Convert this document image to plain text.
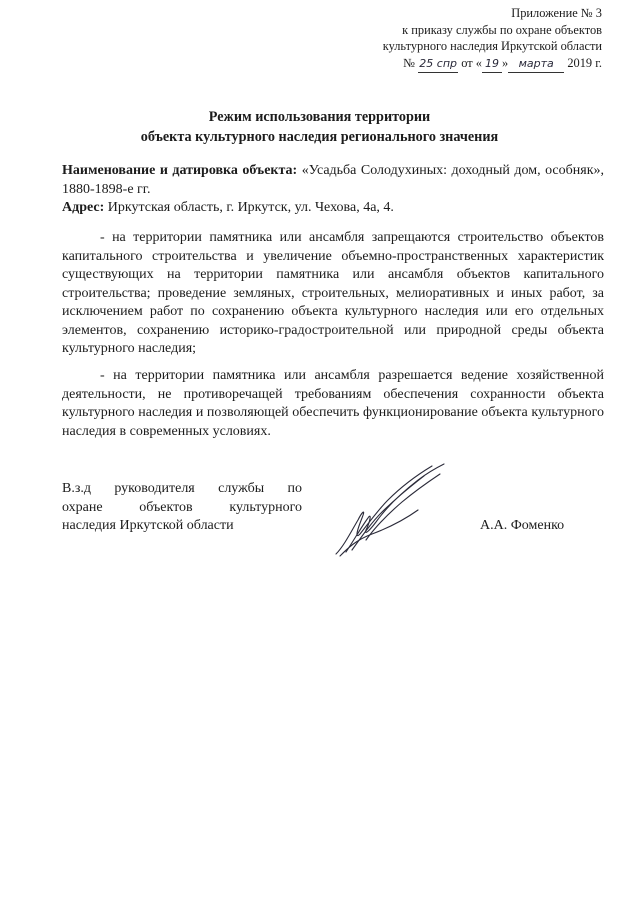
Приложение № 3
к приказу службы по охране объектов
культурного наследия Иркутской области
№ 25 спр от « 19 » марта 2019 г.
Режим использования территории
объекта культурного наследия регионального значения

Наименование и датировка объекта: «Усадьба Солодухиных: доходный дом, особняк», 1880-1898-е гг.

Адрес: Иркутская область, г. Иркутск, ул. Чехова, 4а, 4.

- на территории памятника или ансамбля запрещаются строительство объектов капитального строительства и увеличение объемно-пространственных характеристик существующих на территории памятника или ансамбля объектов капитального строительства; проведение земляных, строительных, мелиоративных и иных работ, за исключением работ по сохранению объекта культурного наследия или его отдельных элементов, сохранению историко-градостроительной или природной среды объекта культурного наследия;

- на территории памятника или ансамбля разрешается ведение хозяйственной деятельности, не противоречащей требованиям обеспечения сохранности объекта культурного наследия и позволяющей обеспечить функционирование объекта культурного наследия в современных условиях.

В.з.д руководителя службы по
охране объектов культурного
наследия Иркутской области	А.А. Фоменко
